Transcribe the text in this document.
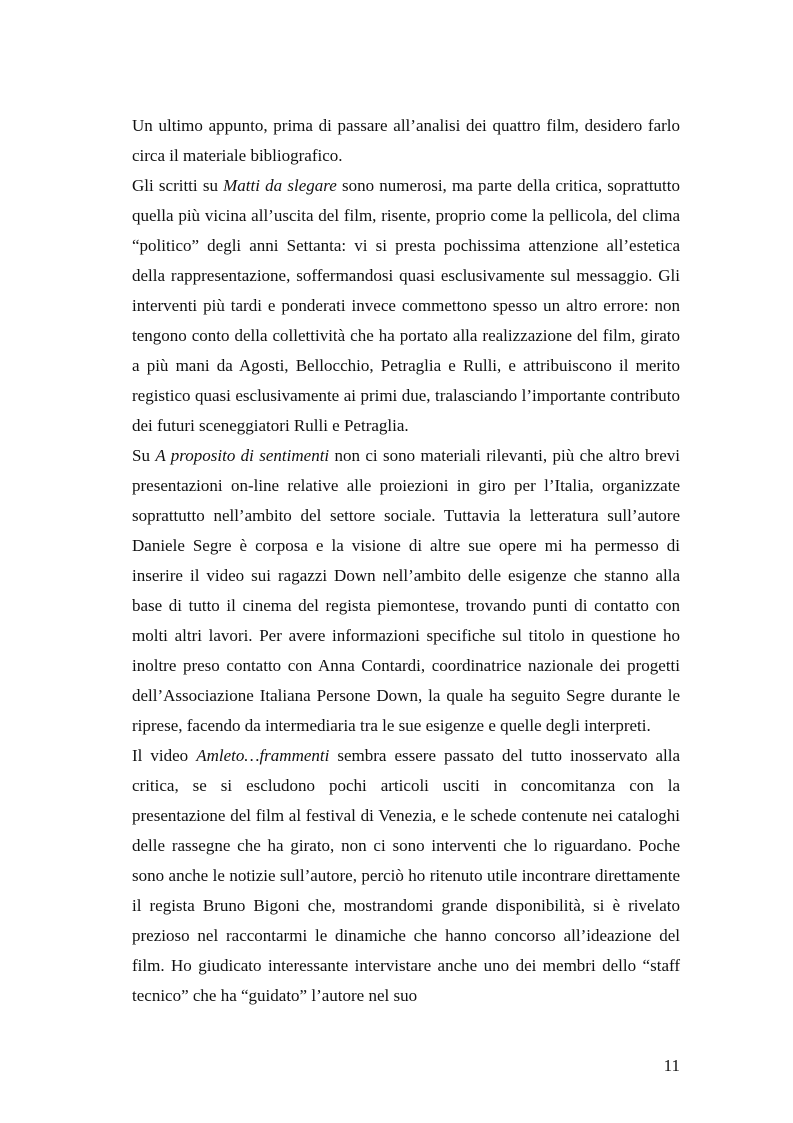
Un ultimo appunto, prima di passare all’analisi dei quattro film, desidero farlo circa il materiale bibliografico.

Gli scritti su Matti da slegare sono numerosi, ma parte della critica, soprattutto quella più vicina all’uscita del film, risente, proprio come la pellicola, del clima “politico” degli anni Settanta: vi si presta pochissima attenzione all’estetica della rappresentazione, soffermandosi quasi esclusivamente sul messaggio. Gli interventi più tardi e ponderati invece commettono spesso un altro errore: non tengono conto della collettività che ha portato alla realizzazione del film, girato a più mani da Agosti, Bellocchio, Petraglia e Rulli, e attribuiscono il merito registico quasi esclusivamente ai primi due, tralasciando l’importante contributo dei futuri sceneggiatori Rulli e Petraglia.

Su A proposito di sentimenti non ci sono materiali rilevanti, più che altro brevi presentazioni on-line relative alle proiezioni in giro per l’Italia, organizzate soprattutto nell’ambito del settore sociale. Tuttavia la letteratura sull’autore Daniele Segre è corposa e la visione di altre sue opere mi ha permesso di inserire il video sui ragazzi Down nell’ambito delle esigenze che stanno alla base di tutto il cinema del regista piemontese, trovando punti di contatto con molti altri lavori. Per avere informazioni specifiche sul titolo in questione ho inoltre preso contatto con Anna Contardi, coordinatrice nazionale dei progetti dell’Associazione Italiana Persone Down, la quale ha seguito Segre durante le riprese, facendo da intermediaria tra le sue esigenze e quelle degli interpreti.

Il video Amleto…frammenti sembra essere passato del tutto inosservato alla critica, se si escludono pochi articoli usciti in concomitanza con la presentazione del film al festival di Venezia, e le schede contenute nei cataloghi delle rassegne che ha girato, non ci sono interventi che lo riguardano. Poche sono anche le notizie sull’autore, perciò ho ritenuto utile incontrare direttamente il regista Bruno Bigoni che, mostrandomi grande disponibilità, si è rivelato prezioso nel raccontarmi le dinamiche che hanno concorso all’ideazione del film. Ho giudicato interessante intervistare anche uno dei membri dello “staff tecnico” che ha “guidato” l’autore nel suo

11
